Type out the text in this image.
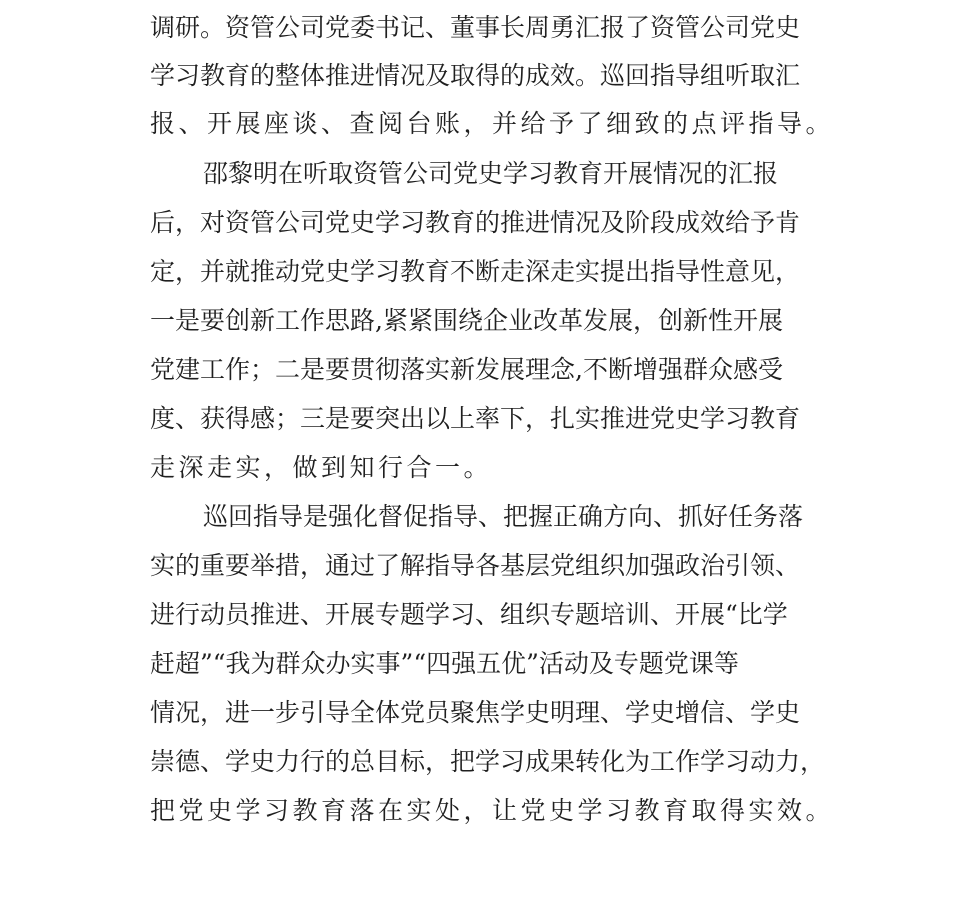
调研。资管公司党委书记、董事长周勇汇报了资管公司党史
学习教育的整体推进情况及取得的成效。巡回指导组听取汇
报、开展座谈、查阅台账，并给予了细致的点评指导。
邵黎明在听取资管公司党史学习教育开展情况的汇报
后，对资管公司党史学习教育的推进情况及阶段成效给予肯
定，并就推动党史学习教育不断走深走实提出指导性意见，
一是要创新工作思路,紧紧围绕企业改革发展，创新性开展
党建工作；二是要贯彻落实新发展理念,不断增强群众感受
度、获得感；三是要突出以上率下，扎实推进党史学习教育
走深走实，做到知行合一。
巡回指导是强化督促指导、把握正确方向、抓好任务落
实的重要举措，通过了解指导各基层党组织加强政治引领、
进行动员推进、开展专题学习、组织专题培训、开展“比学
赶超”“我为群众办实事”“四强五优”活动及专题党课等
情况，进一步引导全体党员聚焦学史明理、学史增信、学史
崇德、学史力行的总目标，把学习成果转化为工作学习动力，
把党史学习教育落在实处，让党史学习教育取得实效。
